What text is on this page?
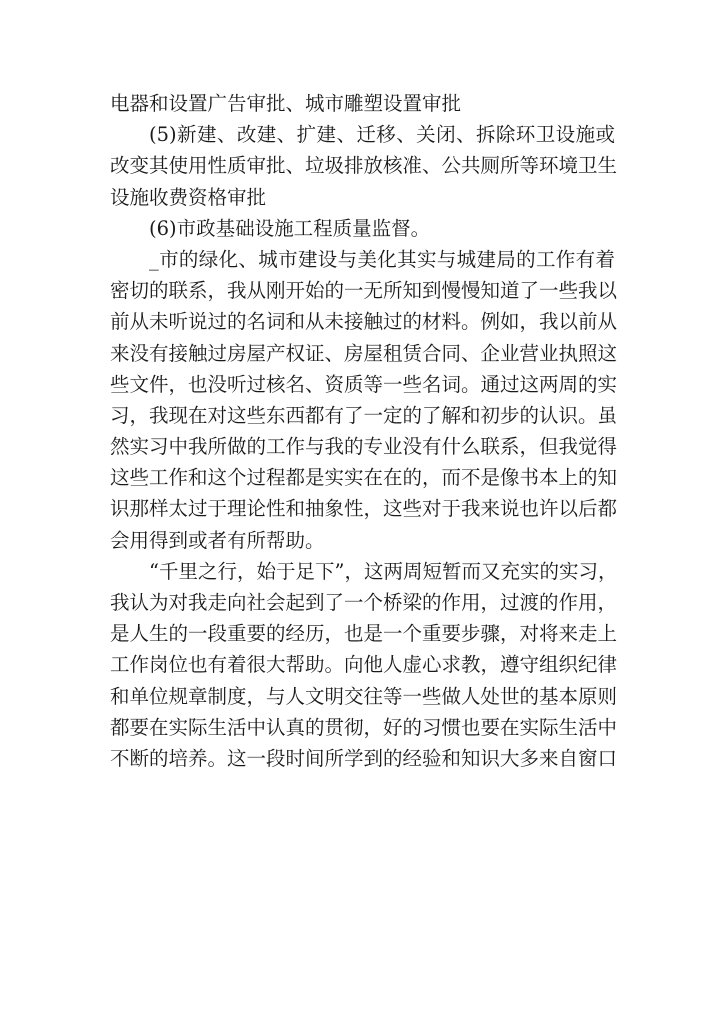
电器和设置广告审批、城市雕塑设置审批
(5)新建、改建、扩建、迁移、关闭、拆除环卫设施或
改变其使用性质审批、垃圾排放核准、公共厕所等环境卫生
设施收费资格审批
(6)市政基础设施工程质量监督。
_市的绿化、城市建设与美化其实与城建局的工作有着
密切的联系，我从刚开始的一无所知到慢慢知道了一些我以
前从未听说过的名词和从未接触过的材料。例如，我以前从
来没有接触过房屋产权证、房屋租赁合同、企业营业执照这
些文件，也没听过核名、资质等一些名词。通过这两周的实
习，我现在对这些东西都有了一定的了解和初步的认识。虽
然实习中我所做的工作与我的专业没有什么联系，但我觉得
这些工作和这个过程都是实实在在的，而不是像书本上的知
识那样太过于理论性和抽象性，这些对于我来说也许以后都
会用得到或者有所帮助。
“千里之行，始于足下”，这两周短暂而又充实的实习，
我认为对我走向社会起到了一个桥梁的作用，过渡的作用，
是人生的一段重要的经历，也是一个重要步骤，对将来走上
工作岗位也有着很大帮助。向他人虚心求教，遵守组织纪律
和单位规章制度，与人文明交往等一些做人处世的基本原则
都要在实际生活中认真的贯彻，好的习惯也要在实际生活中
不断的培养。这一段时间所学到的经验和知识大多来自窗口
